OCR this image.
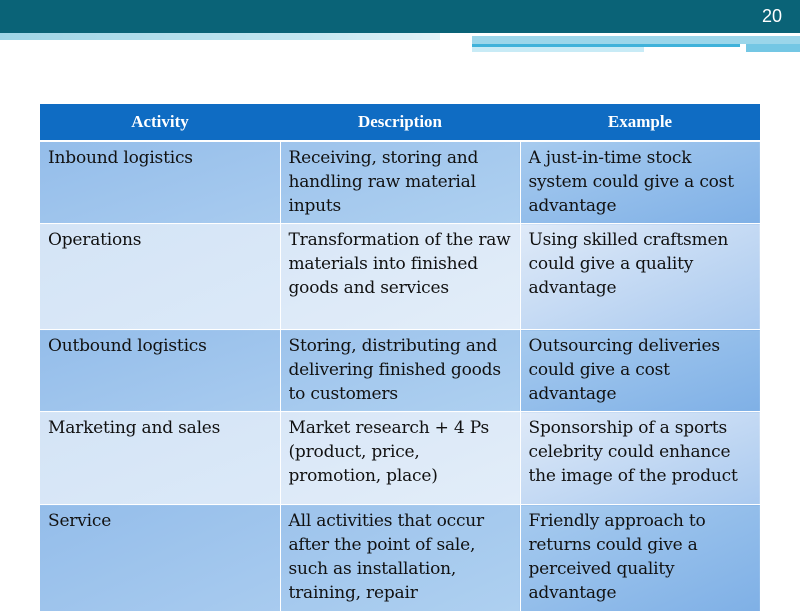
20
Activity	Description	Example
Inbound logistics	Receiving, storing and handling raw material inputs	A just-in-time stock system could give a cost advantage
Operations	Transformation of the raw materials into finished goods and services	Using skilled craftsmen could give a quality advantage
Outbound logistics	Storing, distributing and delivering finished goods to customers	Outsourcing deliveries could give a cost advantage
Marketing and sales	Market research + 4 Ps (product, price, promotion, place)	Sponsorship of a sports celebrity could enhance the image of the product
Service	All activities that occur after the point of sale, such as installation, training, repair	Friendly approach to returns could give a perceived quality advantage
